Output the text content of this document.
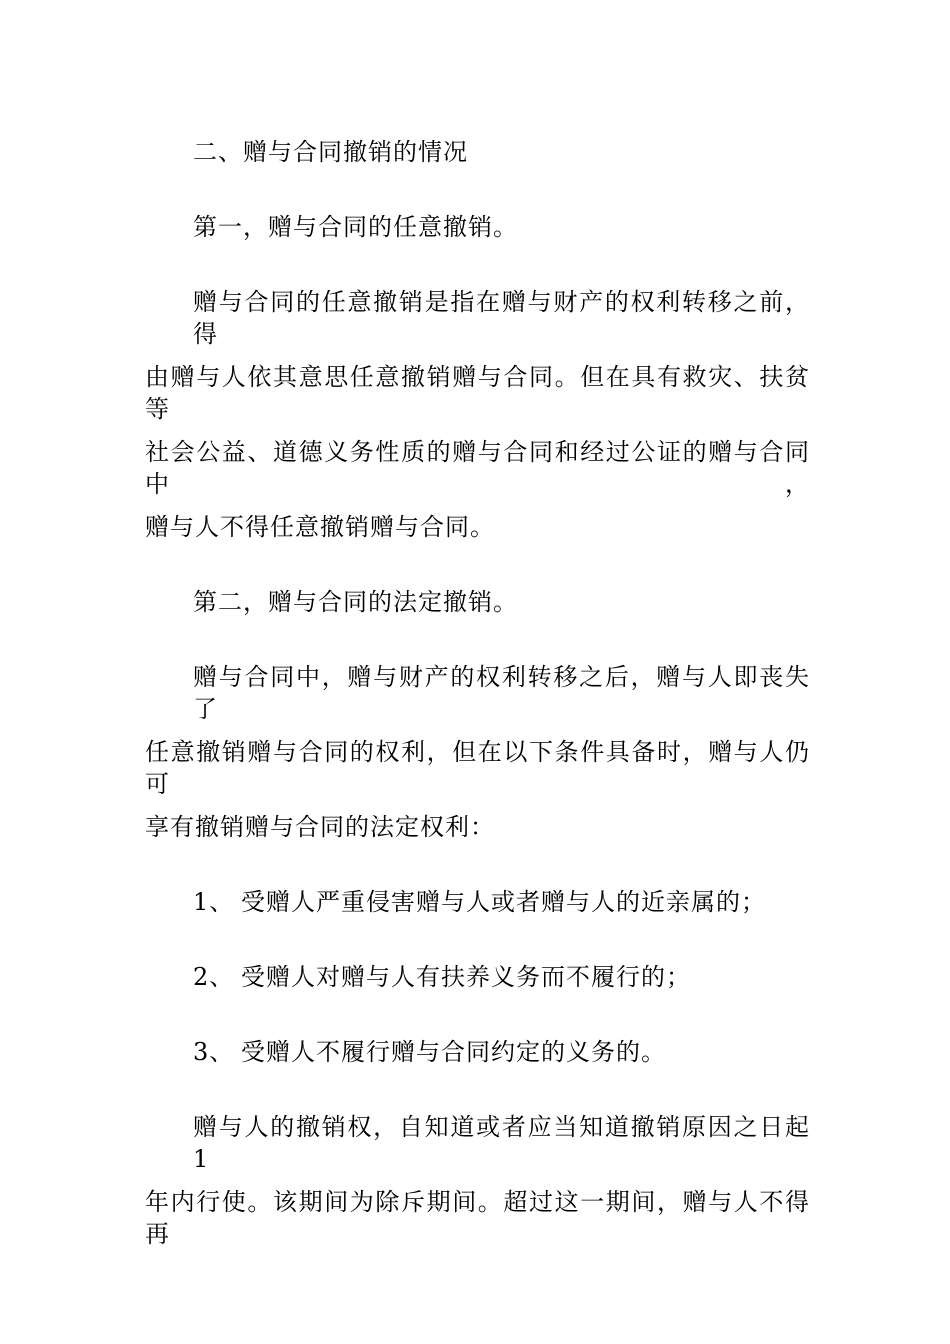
二、赠与合同撤销的情况
第一，赠与合同的任意撤销。
赠与合同的任意撤销是指在赠与财产的权利转移之前，得
由赠与人依其意思任意撤销赠与合同。但在具有救灾、扶贫等
社会公益、道德义务性质的赠与合同和经过公证的赠与合同中，
赠与人不得任意撤销赠与合同。
第二，赠与合同的法定撤销。
赠与合同中，赠与财产的权利转移之后，赠与人即丧失了
任意撤销赠与合同的权利，但在以下条件具备时，赠与人仍可
享有撤销赠与合同的法定权利：
1、 受赠人严重侵害赠与人或者赠与人的近亲属的；
2、 受赠人对赠与人有扶养义务而不履行的；
3、 受赠人不履行赠与合同约定的义务的。
赠与人的撤销权，自知道或者应当知道撤销原因之日起 1
年内行使。该期间为除斥期间。超过这一期间，赠与人不得再
